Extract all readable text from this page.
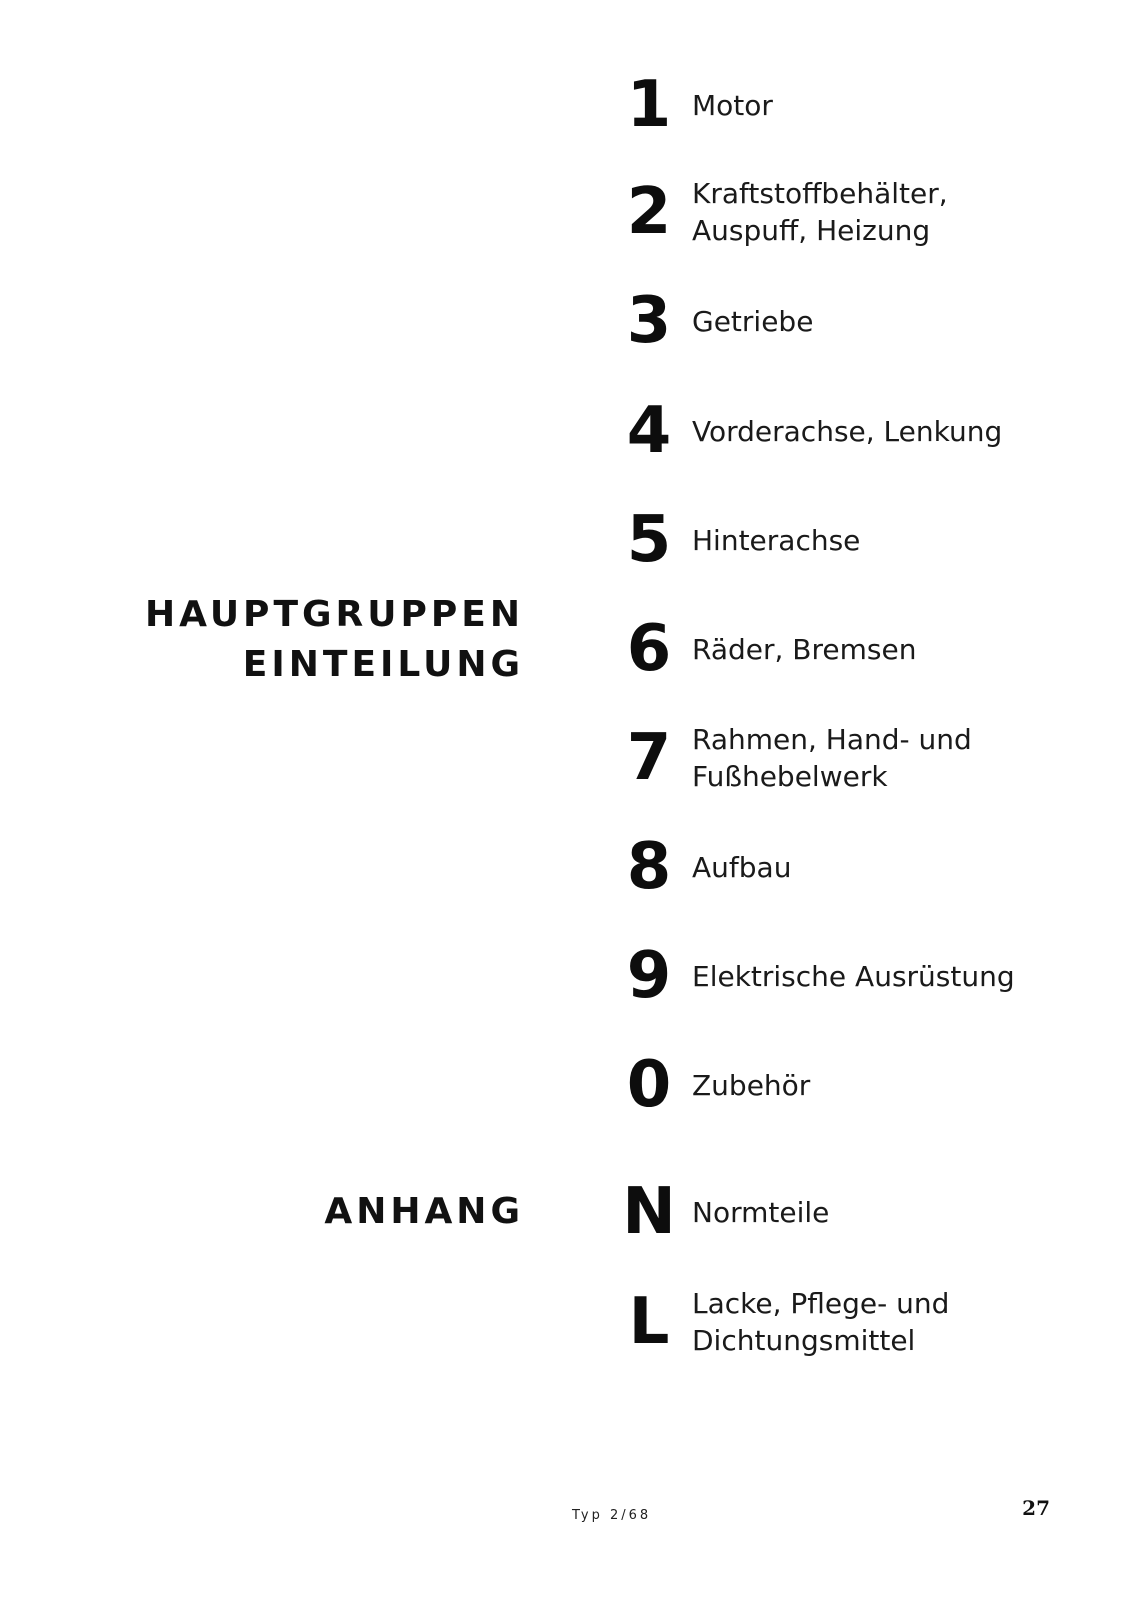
HAUPTGRUPPEN
EINTEILUNG
ANHANG
1 Motor
2 Kraftstoffbehälter,
Auspuff, Heizung
3 Getriebe
4 Vorderachse, Lenkung
5 Hinterachse
6 Räder, Bremsen
7 Rahmen, Hand- und
Fußhebelwerk
8 Aufbau
9 Elektrische Ausrüstung
0 Zubehör
N Normteile
L Lacke, Pflege- und
Dichtungsmittel
Typ 2/68	27
